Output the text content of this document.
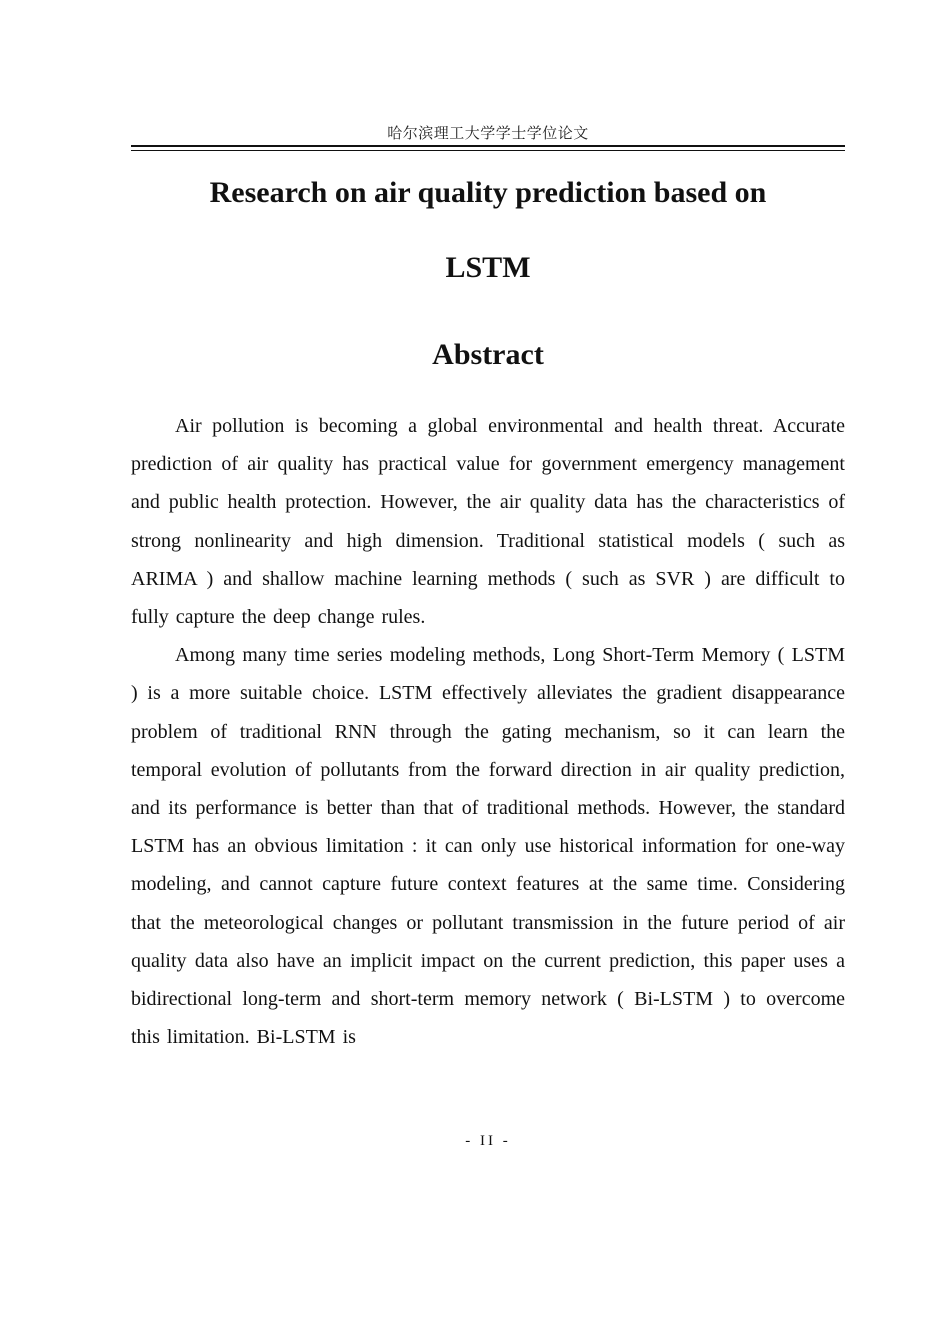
哈尔滨理工大学学士学位论文
Research on air quality prediction based on
LSTM
Abstract

Air pollution is becoming a global environmental and health threat. Accurate prediction of air quality has practical value for government emergency management and public health protection. However, the air quality data has the characteristics of strong nonlinearity and high dimension. Traditional statistical models ( such as ARIMA ) and shallow machine learning methods ( such as SVR ) are difficult to fully capture the deep change rules.

Among many time series modeling methods, Long Short-Term Memory ( LSTM ) is a more suitable choice. LSTM effectively alleviates the gradient disappearance problem of traditional RNN through the gating mechanism, so it can learn the temporal evolution of pollutants from the forward direction in air quality prediction, and its performance is better than that of traditional methods. However, the standard LSTM has an obvious limitation : it can only use historical information for one-way modeling, and cannot capture future context features at the same time. Considering that the meteorological changes or pollutant transmission in the future period of air quality data also have an implicit impact on the current prediction, this paper uses a bidirectional long-term and short-term memory network ( Bi-LSTM ) to overcome this limitation. Bi-LSTM is

- II -
